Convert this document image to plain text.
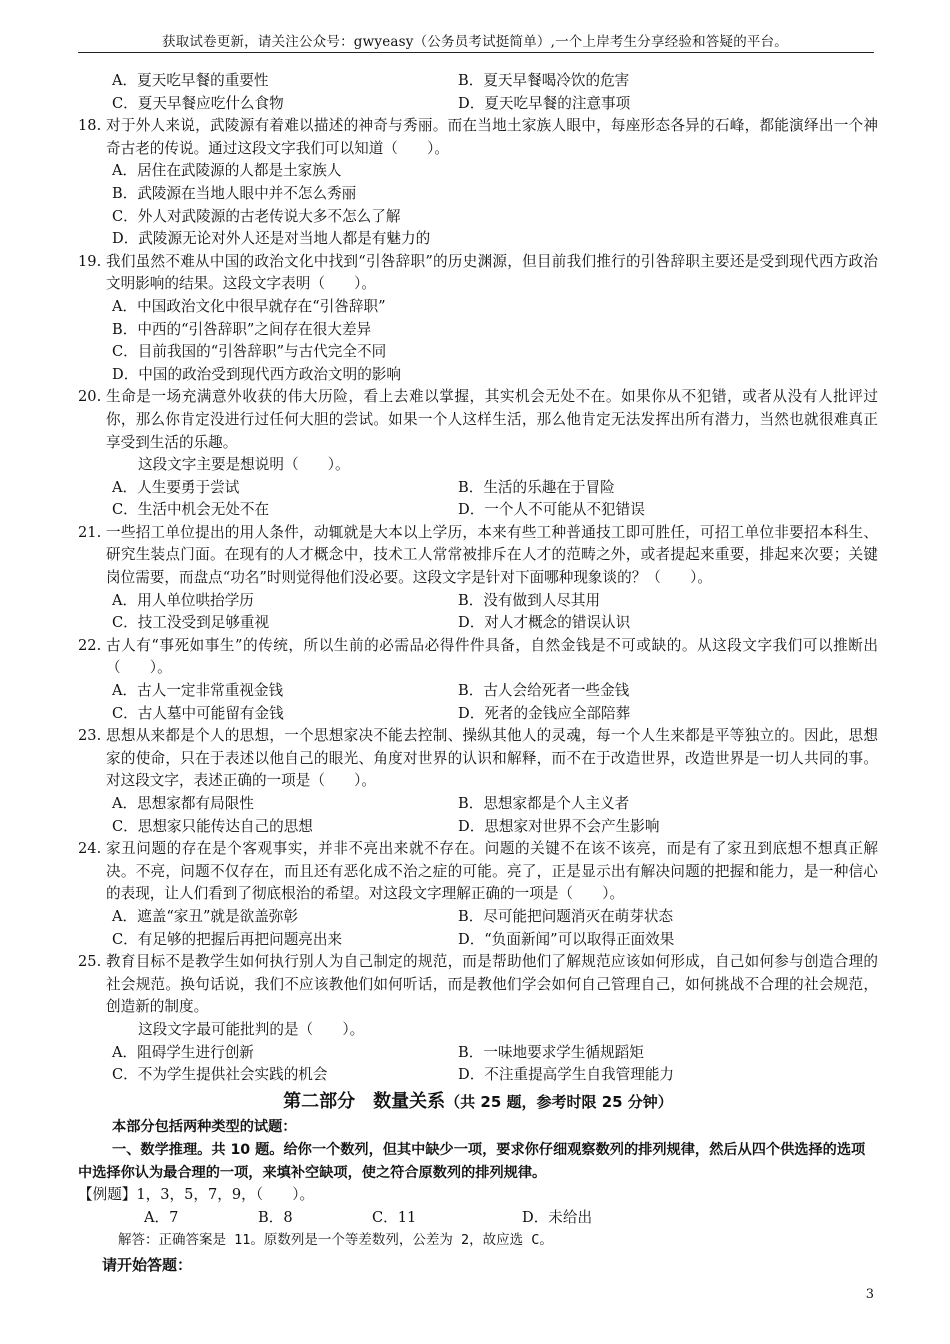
获取试卷更新，请关注公众号：gwyeasy（公务员考试挺简单）,一个上岸考生分享经验和答疑的平台。
A．夏天吃早餐的重要性	B．夏天早餐喝冷饮的危害
C．夏天早餐应吃什么食物	D．夏天吃早餐的注意事项
18. 对于外人来说，武陵源有着难以描述的神奇与秀丽。而在当地土家族人眼中，每座形态各异的石峰，都能演绎出一个神奇古老的传说。通过这段文字我们可以知道（　　）。
A．居住在武陵源的人都是土家族人
B．武陵源在当地人眼中并不怎么秀丽
C．外人对武陵源的古老传说大多不怎么了解
D．武陵源无论对外人还是对当地人都是有魅力的
19. 我们虽然不难从中国的政治文化中找到“引咎辞职”的历史渊源，但目前我们推行的引咎辞职主要还是受到现代西方政治文明影响的结果。这段文字表明（　　）。
A．中国政治文化中很早就存在“引咎辞职”
B．中西的“引咎辞职”之间存在很大差异
C．目前我国的“引咎辞职”与古代完全不同
D．中国的政治受到现代西方政治文明的影响
20. 生命是一场充满意外收获的伟大历险，看上去难以掌握，其实机会无处不在。如果你从不犯错，或者从没有人批评过你，那么你肯定没进行过任何大胆的尝试。如果一个人这样生活，那么他肯定无法发挥出所有潜力，当然也就很难真正享受到生活的乐趣。
这段文字主要是想说明（　　）。
A．人生要勇于尝试	B．生活的乐趣在于冒险
C．生活中机会无处不在	D．一个人不可能从不犯错误
21. 一些招工单位提出的用人条件，动辄就是大本以上学历，本来有些工种普通技工即可胜任，可招工单位非要招本科生、研究生装点门面。在现有的人才概念中，技术工人常常被排斥在人才的范畴之外，或者提起来重要，排起来次要；关键岗位需要，而盘点“功名”时则觉得他们没必要。这段文字是针对下面哪种现象谈的？（　　）。
A．用人单位哄抬学历	B．没有做到人尽其用
C．技工没受到足够重视	D．对人才概念的错误认识
22. 古人有“事死如事生”的传统，所以生前的必需品必得件件具备，自然金钱是不可或缺的。从这段文字我们可以推断出（　　）。
A．古人一定非常重视金钱	B．古人会给死者一些金钱
C．古人墓中可能留有金钱	D．死者的金钱应全部陪葬
23. 思想从来都是个人的思想，一个思想家决不能去控制、操纵其他人的灵魂，每一个人生来都是平等独立的。因此，思想家的使命，只在于表述以他自己的眼光、角度对世界的认识和解释，而不在于改造世界，改造世界是一切人共同的事。对这段文字，表述正确的一项是（　　）。
A．思想家都有局限性	B．思想家都是个人主义者
C．思想家只能传达自己的思想	D．思想家对世界不会产生影响
24. 家丑问题的存在是个客观事实，并非不亮出来就不存在。问题的关键不在该不该亮，而是有了家丑到底想不想真正解决。不亮，问题不仅存在，而且还有恶化成不治之症的可能。亮了，正是显示出有解决问题的把握和能力，是一种信心的表现，让人们看到了彻底根治的希望。对这段文字理解正确的一项是（　　）。
A．遮盖“家丑”就是欲盖弥彰	B．尽可能把问题消灭在萌芽状态
C．有足够的把握后再把问题亮出来	D．“负面新闻”可以取得正面效果
25. 教育目标不是教学生如何执行别人为自己制定的规范，而是帮助他们了解规范应该如何形成，自己如何参与创造合理的社会规范。换句话说，我们不应该教他们如何听话，而是教他们学会如何自己管理自己，如何挑战不合理的社会规范，创造新的制度。
这段文字最可能批判的是（　　）。
A．阻碍学生进行创新	B．一味地要求学生循规蹈矩
C．不为学生提供社会实践的机会	D．不注重提高学生自我管理能力
第二部分　数量关系（共 25 题，参考时限 25 分钟）
本部分包括两种类型的试题：
一、数学推理。共 10 题。给你一个数列，但其中缺少一项，要求你仔细观察数列的排列规律，然后从四个供选择的选项中选择你认为最合理的一项，来填补空缺项，使之符合原数列的排列规律。
【例题】1，3，5，7，9，（　　）。
A．7	B．8	C．11	D．未给出
解答：正确答案是 11。原数列是一个等差数列，公差为 2，故应选 C。
请开始答题：
3
